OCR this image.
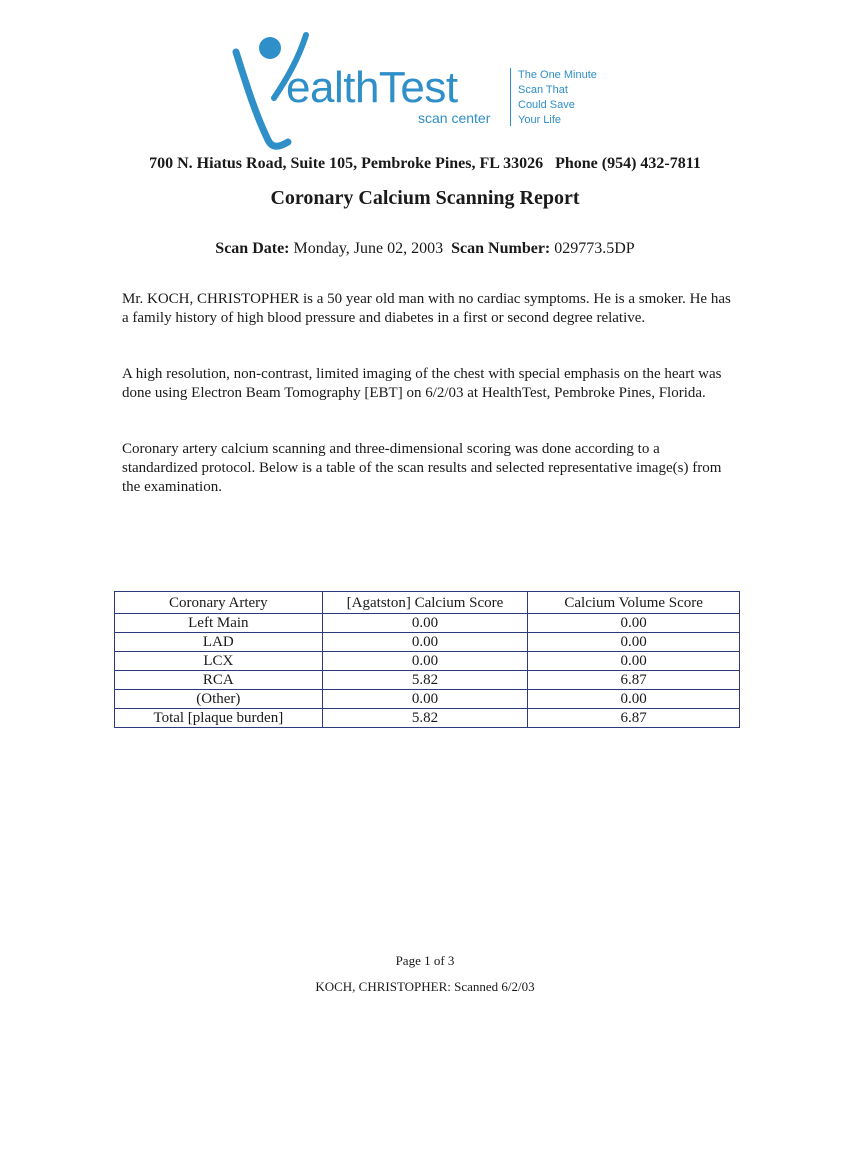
ealthTest
scan center
The One Minute
Scan That
Could Save
Your Life
700 N. Hiatus Road, Suite 105, Pembroke Pines, FL 33026 Phone (954) 432-7811
Coronary Calcium Scanning Report
Scan Date: Monday, June 02, 2003 Scan Number: 029773.5DP
Mr. KOCH, CHRISTOPHER is a 50 year old man with no cardiac symptoms. He is a smoker. He has a family history of high blood pressure and diabetes in a first or second degree relative.
A high resolution, non-contrast, limited imaging of the chest with special emphasis on the heart was done using Electron Beam Tomography [EBT] on 6/2/03 at HealthTest, Pembroke Pines, Florida.
Coronary artery calcium scanning and three-dimensional scoring was done according to a standardized protocol. Below is a table of the scan results and selected representative image(s) from the examination.
Coronary Artery	[Agatston] Calcium Score	Calcium Volume Score
Left Main	0.00	0.00
LAD	0.00	0.00
LCX	0.00	0.00
RCA	5.82	6.87
(Other)	0.00	0.00
Total [plaque burden]	5.82	6.87
Page 1 of 3
KOCH, CHRISTOPHER: Scanned 6/2/03
